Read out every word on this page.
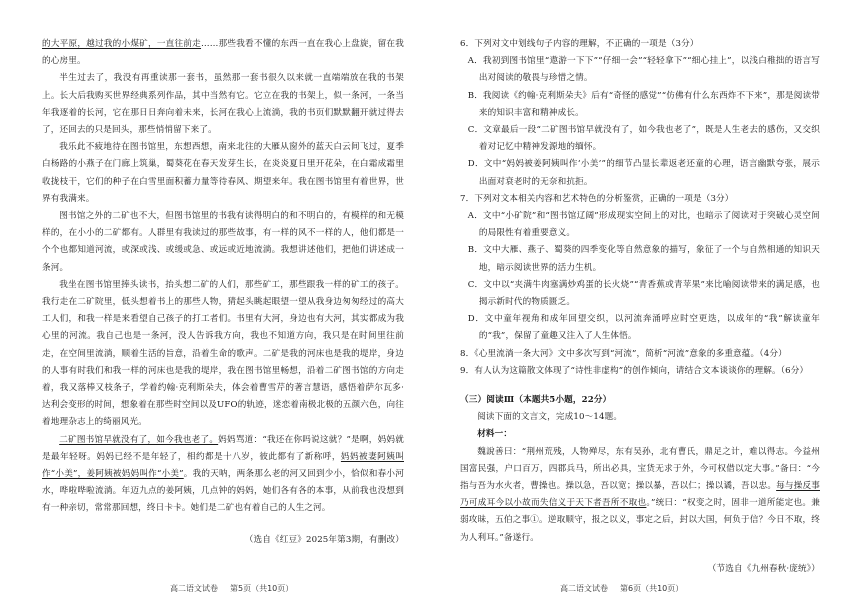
的大平原，越过我的小煤矿，一直往前走……那些我看不懂的东西一直在我心上盘旋，留在我的心房里。

半生过去了，我没有再重读那一套书，虽然那一套书很久以来就一直端端放在我的书架上。长大后我购买世界经典系列作品，其中当然有它。它立在我的书架上，似一条河，一条当年我逐着的长河，它在那日日奔向着未来，长河在我心上流淌，我的书页们默默翻开就过得去了，还回去的只是回头，那些悄悄留下来了。

我乐此不疲地待在图书馆里，东想西想，南来北往的大雁从窗外的蓝天白云间飞过，夏季白杨路的小燕子在门廊上筑巢，蜀葵花在春天发芽生长，在炎炎夏日里开花朵，在白霜成霜里收拢枝干，它们的种子在白雪里面积蓄力量等待春风、期望来年。我在图书馆里有着世界，世界有我满来。

图书馆之外的二矿也不大，但图书馆里的书我有读得明白的和不明白的，有模样的和无模样的，在小小的二矿都有。人群里有我读过的那些故事，有一样的风不一样的人，他们都是一个个也都知道河流，或深或浅、或缓或急、或远或近地流淌。我想讲述他们，把他们讲述成一条河。

我坐在图书馆里捧头读书，抬头想二矿的人们，那些矿工，那些跟我一样的矿工的孩子。我行走在二矿院里，低头想着书上的那些人物，猜起头眺起眼望一望从我身边匆匆经过的高大工人们，和我一样是来看望自己孩子的打工者们。书里有大河，身边也有大河，其实都成为我心里的河流。我自己也是一条河，没人告诉我方向，我也不知道方向，我只是在时间里往前走，在空间里流淌，顺着生活的旨意，沿着生命的歌声。二矿是我的河床也是我的堤岸，身边的人事有时我们和我一样的河床也是我的堤岸，我在图书馆里畅想，沿着二矿图书馆的方向走着，我又落棒又枝条子，学着约翰·克利斯朵夫，体会着曹雪芹的著言慧语，感悟着萨尔瓦多·达利会变形的时间，想象着在那些时空间以及UFO的轨迹，迷恋着南极北极的五颜六色，向往着地理杂志上的绮丽风光。

二矿图书馆早就没有了，如今我也老了。妈妈骂道：“我还在你吗说这就？”是啊，妈妈就是最年轻呀。妈妈已经不是年轻了，相约都是十八岁，彼此都有了新称呼，妈妈被妻阿姨叫作“小美”，姜阿姨被妈妈叫作“小美”。我的天呐，两条那么老的河又回到少小，恰似和春小河水，哗啦哗啦流淌。年迈九点的姜阿姨，几点钟的妈妈，她们各有各的本事，从前我也没想到有一种亲切，常常那回想，终日卡卡。她们是二矿也有着自己的人生之河。

（选自《红豆》2025年第3期，有删改）

6．下列对文中划线句子内容的理解，不正确的一项是（3分）

A．我初到图书馆里“遨游一下下”“仔细一会”“轻轻拿下”“细心挂上”，以浅白稚拙的语言写出对阅读的敬畏与珍惜之情。

B．我阅读《约翰·克利斯朵夫》后有“奇怪的感觉”“仿佛有什么东西炸不下来”，那是阅读带来的知识丰富和精神成长。

C．文章最后一段“二矿图书馆早就没有了，如今我也老了”，既是人生老去的感伤，又交织着对记忆中精神发源地的缅怀。

D．文中“妈妈被姜阿姨叫作‘小美’”的细节凸显长辈返老还童的心理，语言幽默夸张，展示出面对衰老时的无奈和抗拒。

7．下列对文本相关内容和艺术特色的分析鉴赏，正确的一项是（3分）

A．文中“小矿院”和“图书馆辽阔”形成现实空间上的对比，也暗示了阅读对于突破心灵空间的局限性有着重要意义。

B．文中大雁、燕子、蜀葵的四季变化等自然意象的描写，象征了一个与自然相通的知识天地，暗示阅读世界的活力生机。

C．文中以“夹满牛肉塞满炒鸡蛋的长火烧”“青香蕉或青苹果”来比喻阅读带来的满足感，也揭示新时代的物质匮乏。

D．文中童年视角和成年回望交织，以河流奔涌呼应时空更迭，以成年的“我”解读童年的“我”，保留了童趣又注入了人生体悟。

8．《心里流淌一条大河》文中多次写到“河流”，简析“河流”意象的多重意蕴。（4分）

9．有人认为这篇散文体现了“诗性非虚构”的创作倾向，请结合文本谈谈你的理解。（6分）

（三）阅读Ⅲ（本题共5小题，22分）

阅读下面的文言文，完成10～14题。

材料一：

魏說善曰：“荆州荒残，人物殚尽，东有吴孙，北有曹氏，鼎足之计，难以得志。今益州国富民强，户口百万，四郡兵马，所出必具，宝货无求于外，今可权借以定大事。”备曰：“今指与吾为水火者，曹操也。操以急，吾以宽；操以暴，吾以仁；操以谲，吾以忠。每与操反事乃可成耳今以小故而失信义于天下者吾所不取也。”统曰：“权变之时，固非一道所能定也。兼弱攻昧，五伯之事①。逆取顺守，报之以义，事定之后，封以大国，何负于信？今日不取，终为人利耳。”备遂行。

（节选自《九州春秋·庞统》）

高二语文试卷 第5页（共10页）	高二语文试卷 第6页（共10页）
